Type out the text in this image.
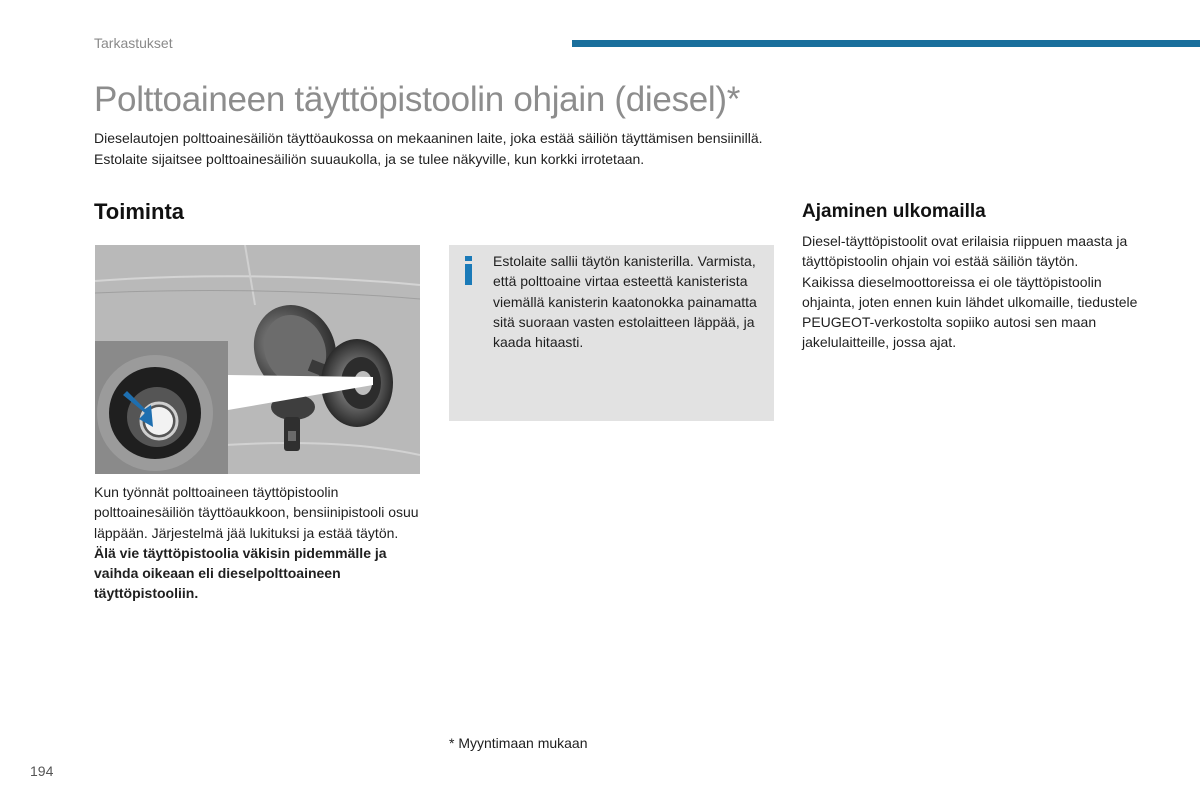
Tarkastukset
Polttoaineen täyttöpistoolin ohjain (diesel)*

Dieselautojen polttoainesäiliön täyttöaukossa on mekaaninen laite, joka estää säiliön täyttämisen bensiinillä.

Estolaite sijaitsee polttoainesäiliön suuaukolla, ja se tulee näkyville, kun korkki irrotetaan.

Toiminta

Kun työnnät polttoaineen täyttöpistoolin polttoainesäiliön täyttöaukkoon, bensiinipistooli osuu läppään. Järjestelmä jää lukituksi ja estää täytön.

Älä vie täyttöpistoolia väkisin pidemmälle ja vaihda oikeaan eli dieselpolttoaineen täyttöpistooliin.

Estolaite sallii täytön kanisterilla. Varmista, että polttoaine virtaa esteettä kanisterista viemällä kanisterin kaatonokka painamatta sitä suoraan vasten estolaitteen läppää, ja kaada hitaasti.

Ajaminen ulkomailla

Diesel-täyttöpistoolit ovat erilaisia riippuen maasta ja täyttöpistoolin ohjain voi estää säiliön täytön.

Kaikissa dieselmoottoreissa ei ole täyttöpistoolin ohjainta, joten ennen kuin lähdet ulkomaille, tiedustele PEUGEOT-verkostolta sopiiko autosi sen maan jakelulaitteille, jossa ajat.

* Myyntimaan mukaan
194
